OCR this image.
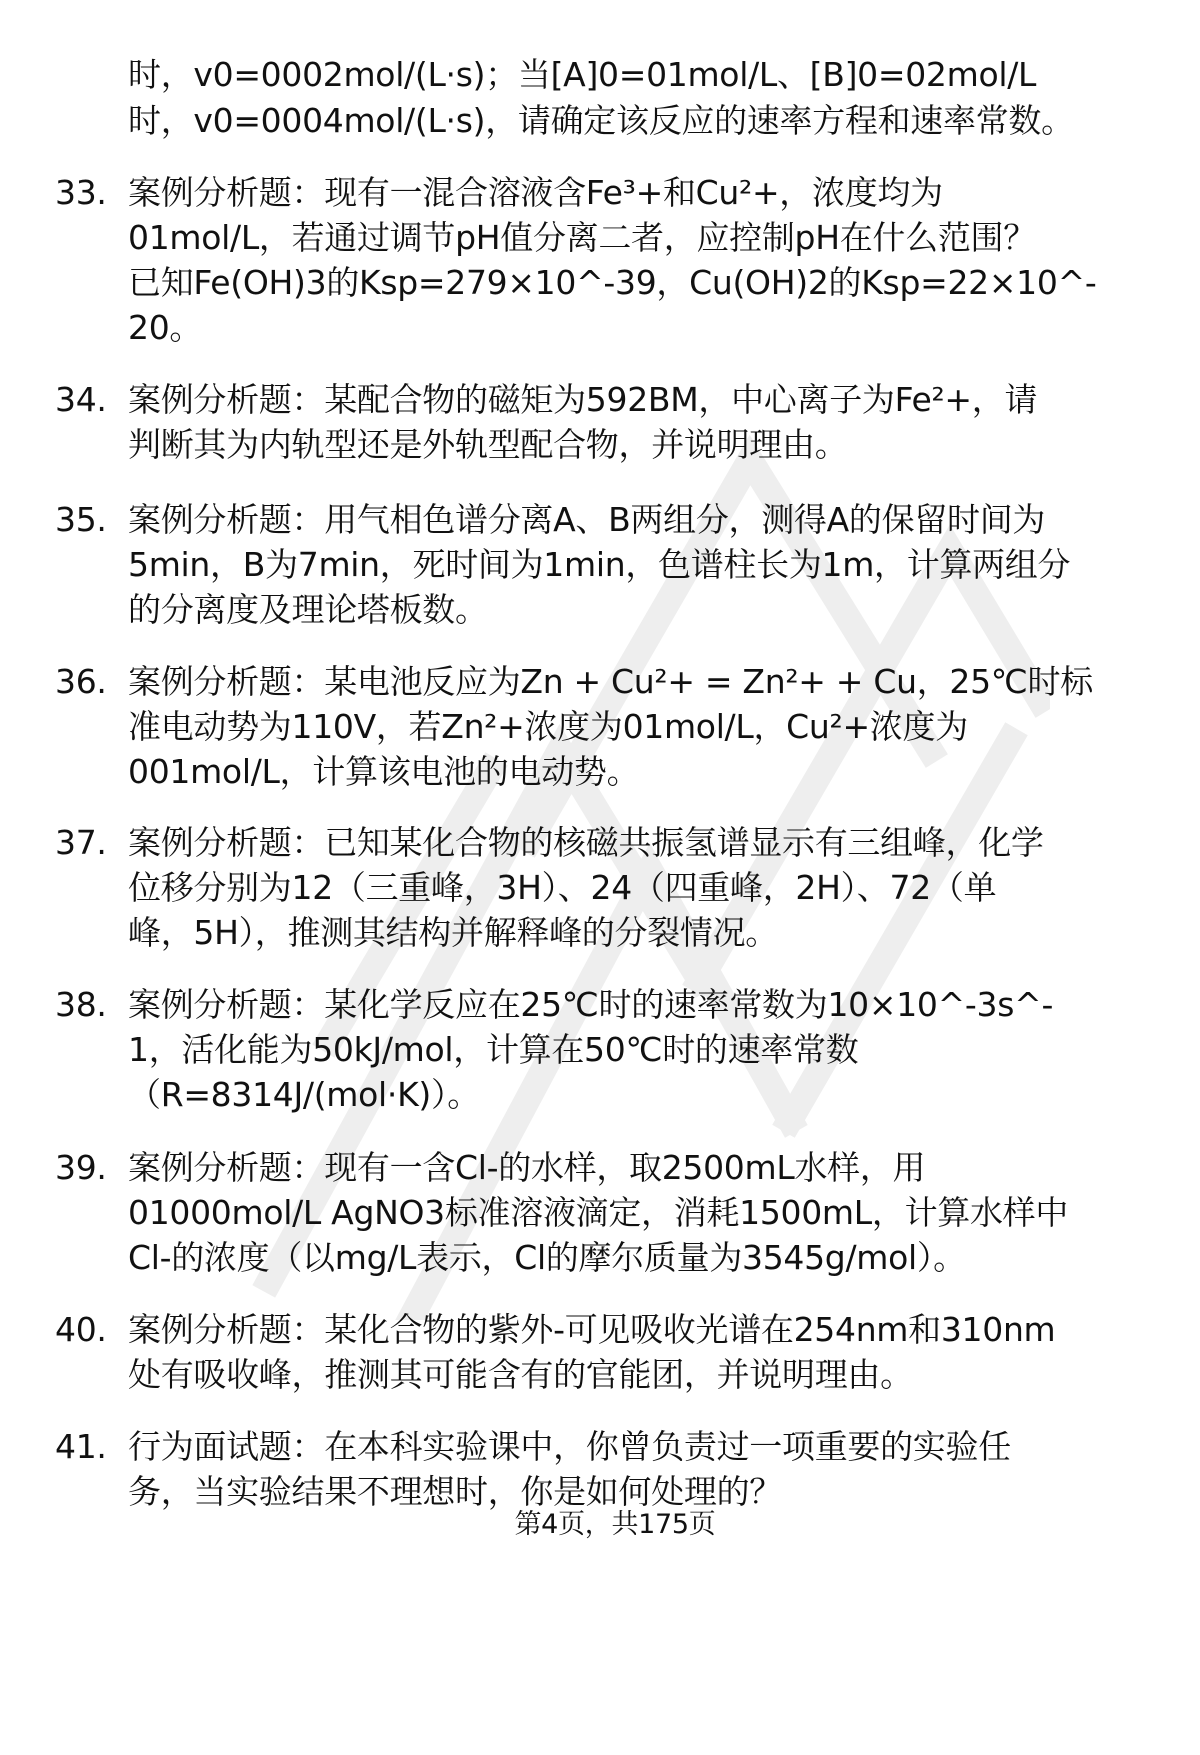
时，v0=0002mol/(L·s)；当[A]0=01mol/L、[B]0=02mol/L

时，v0=0004mol/(L·s)，请确定该反应的速率方程和速率常数。

33. 案例分析题：现有一混合溶液含Fe³+和Cu²+，浓度均为
01mol/L，若通过调节pH值分离二者，应控制pH在什么范围？
已知Fe(OH)3的Ksp=279×10^-39，Cu(OH)2的Ksp=22×10^-
20。
34. 案例分析题：某配合物的磁矩为592BM，中心离子为Fe²+，请
判断其为内轨型还是外轨型配合物，并说明理由。
35. 案例分析题：用气相色谱分离A、B两组分，测得A的保留时间为
5min，B为7min，死时间为1min，色谱柱长为1m，计算两组分
的分离度及理论塔板数。
36. 案例分析题：某电池反应为Zn + Cu²+ = Zn²+ + Cu，25℃时标
准电动势为110V，若Zn²+浓度为01mol/L，Cu²+浓度为
001mol/L，计算该电池的电动势。
37. 案例分析题：已知某化合物的核磁共振氢谱显示有三组峰，化学
位移分别为12（三重峰，3H）、24（四重峰，2H）、72（单
峰，5H），推测其结构并解释峰的分裂情况。
38. 案例分析题：某化学反应在25℃时的速率常数为10×10^-3s^-
1，活化能为50kJ/mol，计算在50℃时的速率常数
（R=8314J/(mol·K)）。
39. 案例分析题：现有一含Cl-的水样，取2500mL水样，用
01000mol/L AgNO3标准溶液滴定，消耗1500mL，计算水样中
Cl-的浓度（以mg/L表示，Cl的摩尔质量为3545g/mol）。
40. 案例分析题：某化合物的紫外-可见吸收光谱在254nm和310nm
处有吸收峰，推测其可能含有的官能团，并说明理由。
41. 行为面试题：在本科实验课中，你曾负责过一项重要的实验任
务，当实验结果不理想时，你是如何处理的？
第4页，共175页
